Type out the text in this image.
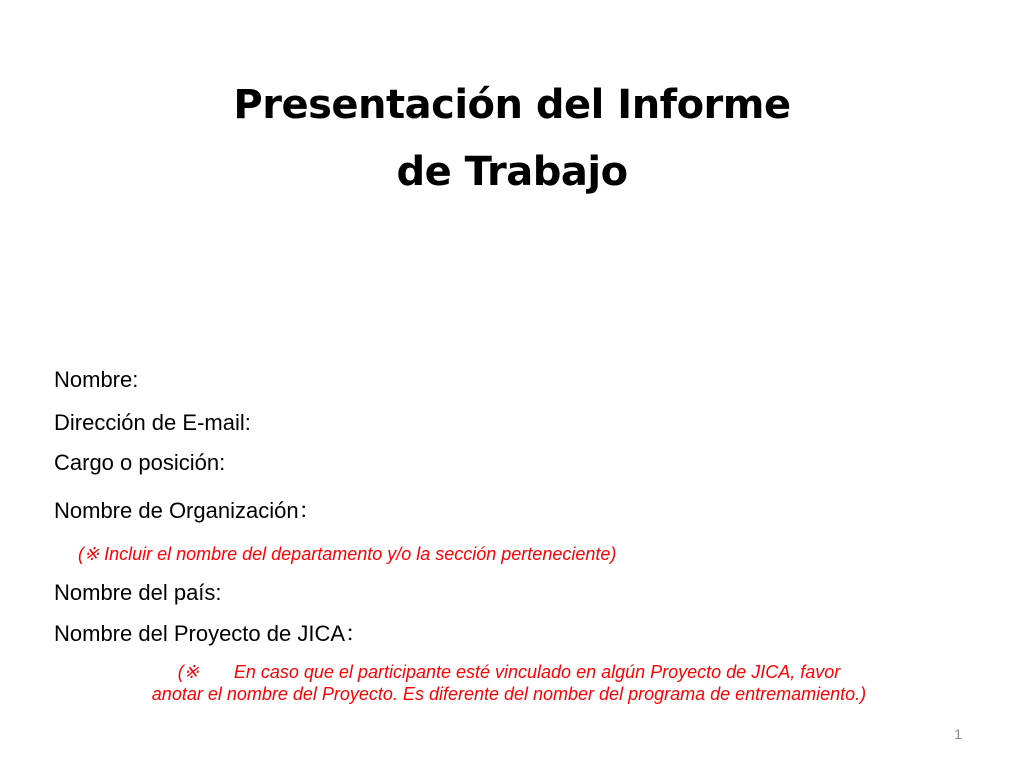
Presentación del Informe
de Trabajo
Nombre:
Dirección de E-mail:
Cargo o posición:
Nombre de Organización：
(※ Incluir el nombre del departamento y/o la sección perteneciente)
Nombre del país:
Nombre del Proyecto de JICA：
(※       En caso que el participante esté vinculado en algún Proyecto de JICA, favor
anotar el nombre del Proyecto. Es diferente del nomber del programa de entremamiento.)
1
